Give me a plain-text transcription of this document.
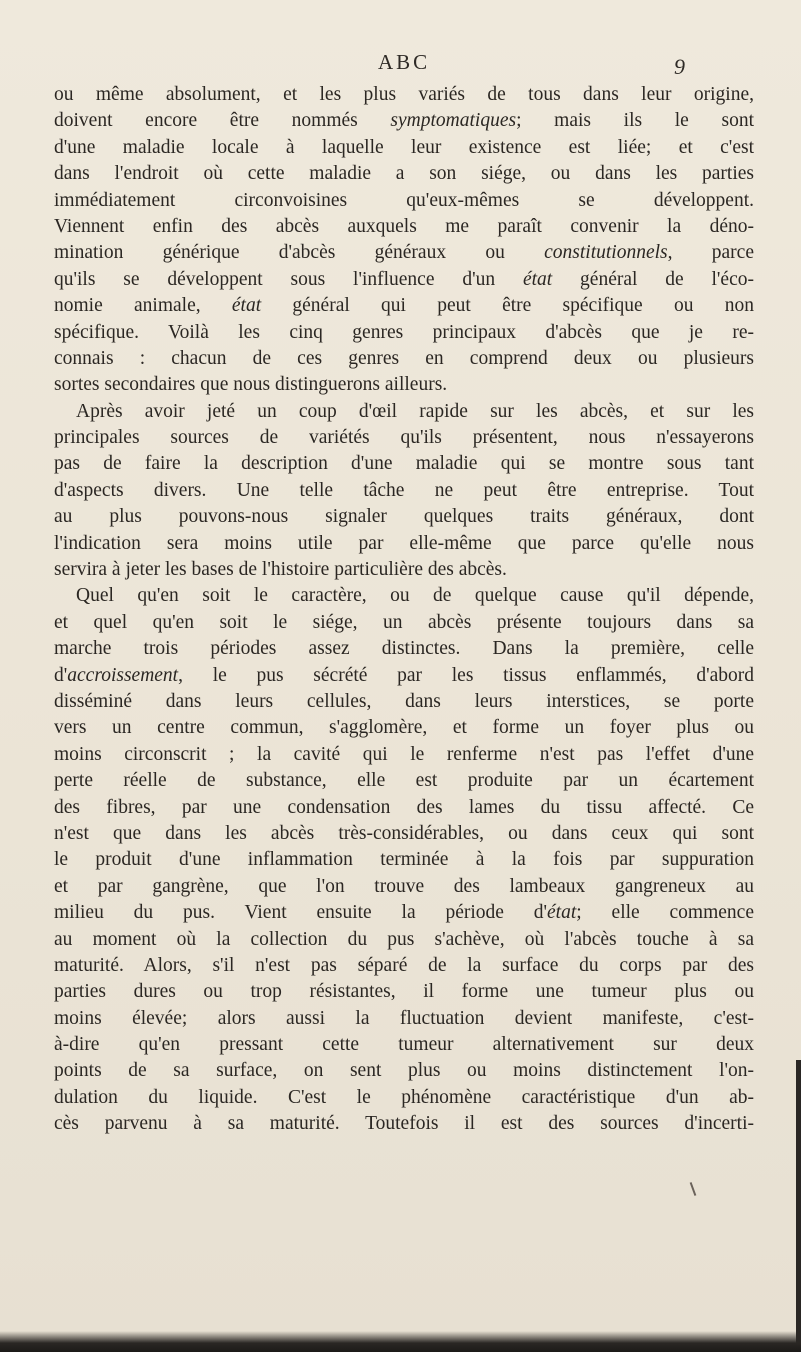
ABC	9
ou même absolument, et les plus variés de tous dans leur origine,
doivent encore être nommés symptomatiques; mais ils le sont
d'une maladie locale à laquelle leur existence est liée; et c'est
dans l'endroit où cette maladie a son siége, ou dans les parties
immédiatement circonvoisines qu'eux-mêmes se développent.
Viennent enfin des abcès auxquels me paraît convenir la déno-
mination générique d'abcès généraux ou constitutionnels, parce
qu'ils se développent sous l'influence d'un état général de l'éco-
nomie animale, état général qui peut être spécifique ou non
spécifique. Voilà les cinq genres principaux d'abcès que je re-
connais : chacun de ces genres en comprend deux ou plusieurs
sortes secondaires que nous distinguerons ailleurs.
Après avoir jeté un coup d'œil rapide sur les abcès, et sur les
principales sources de variétés qu'ils présentent, nous n'essayerons
pas de faire la description d'une maladie qui se montre sous tant
d'aspects divers. Une telle tâche ne peut être entreprise. Tout
au plus pouvons-nous signaler quelques traits généraux, dont
l'indication sera moins utile par elle-même que parce qu'elle nous
servira à jeter les bases de l'histoire particulière des abcès.
Quel qu'en soit le caractère, ou de quelque cause qu'il dépende,
et quel qu'en soit le siége, un abcès présente toujours dans sa
marche trois périodes assez distinctes. Dans la première, celle
d'accroissement, le pus sécrété par les tissus enflammés, d'abord
disséminé dans leurs cellules, dans leurs interstices, se porte
vers un centre commun, s'agglomère, et forme un foyer plus ou
moins circonscrit ; la cavité qui le renferme n'est pas l'effet d'une
perte réelle de substance, elle est produite par un écartement
des fibres, par une condensation des lames du tissu affecté. Ce
n'est que dans les abcès très-considérables, ou dans ceux qui sont
le produit d'une inflammation terminée à la fois par suppuration
et par gangrène, que l'on trouve des lambeaux gangreneux au
milieu du pus. Vient ensuite la période d'état; elle commence
au moment où la collection du pus s'achève, où l'abcès touche à sa
maturité. Alors, s'il n'est pas séparé de la surface du corps par des
parties dures ou trop résistantes, il forme une tumeur plus ou
moins élevée; alors aussi la fluctuation devient manifeste, c'est-
à-dire qu'en pressant cette tumeur alternativement sur deux
points de sa surface, on sent plus ou moins distinctement l'on-
dulation du liquide. C'est le phénomène caractéristique d'un ab-
cès parvenu à sa maturité. Toutefois il est des sources d'incerti-
